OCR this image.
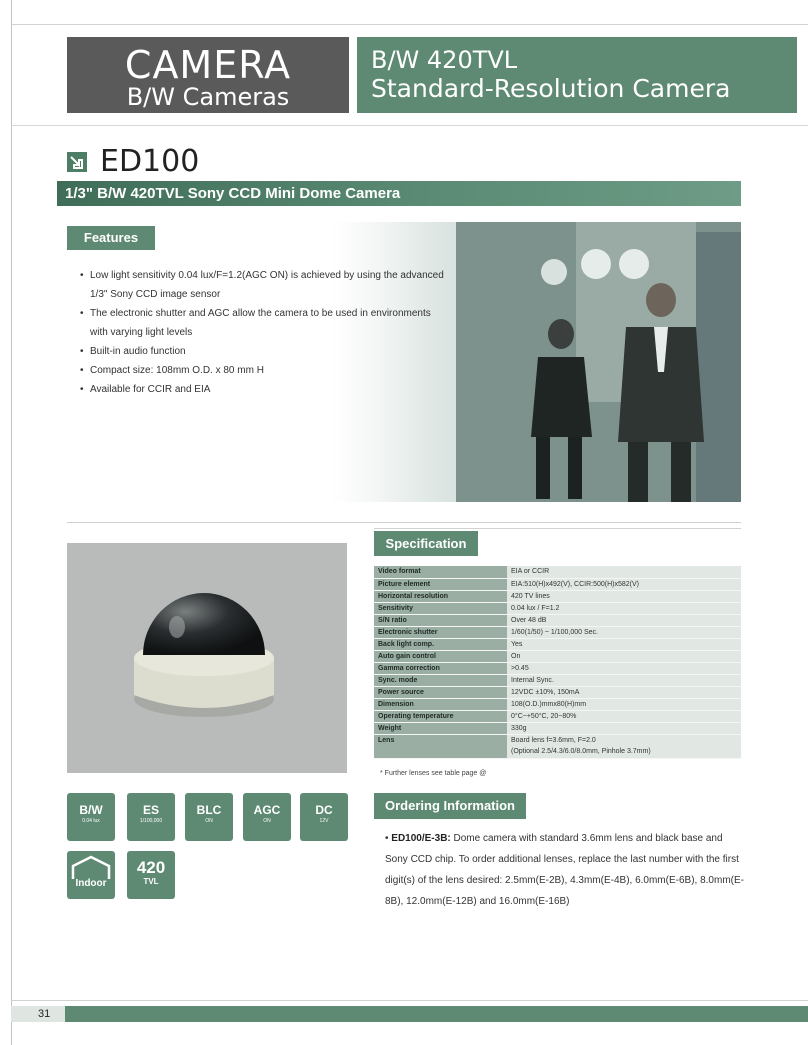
CAMERA
B/W Cameras
B/W 420TVL
Standard-Resolution Camera
ED100
1/3" B/W 420TVL Sony CCD Mini Dome Camera
Features
• Low light sensitivity 0.04 lux/F=1.2(AGC ON) is achieved by using the advanced
1/3" Sony CCD image sensor
• The electronic shutter and AGC allow the camera to be used in environments
with varying light levels
• Built-in audio function
• Compact size: 108mm O.D. x 80 mm H
• Available for CCIR and EIA
Specification
Video format	EIA or CCIR
Picture element	EIA:510(H)x492(V), CCIR:500(H)x582(V)
Horizontal resolution	420 TV lines
Sensitivity	0.04 lux / F=1.2
S/N ratio	Over 48 dB
Electronic shutter	1/60(1/50) ~ 1/100,000 Sec.
Back light comp.	Yes
Auto gain control	On
Gamma correction	>0.45
Sync. mode	Internal Sync.
Power source	12VDC ±10%, 150mA
Dimension	108(O.D.)mmx80(H)mm
Operating temperature	0°C~+50°C, 20~80%
Weight	330g
Lens	Board lens f=3.6mm, F=2.0
(Optional 2.5/4.3/6.0/8.0mm, Pinhole 3.7mm)
* Further lenses see table page @
Ordering Information
• ED100/E-3B: Dome camera with standard 3.6mm lens and black base and Sony CCD chip. To order additional lenses, replace the last number with the first digit(s) of the lens desired: 2.5mm(E-2B), 4.3mm(E-4B), 6.0mm(E-6B), 8.0mm(E-8B), 12.0mm(E-12B) and 16.0mm(E-16B)
B/W
0.04 lux
ES
1/100,000
BLC
ON
AGC
ON
DC
12V
Indoor
420
TVL
31
